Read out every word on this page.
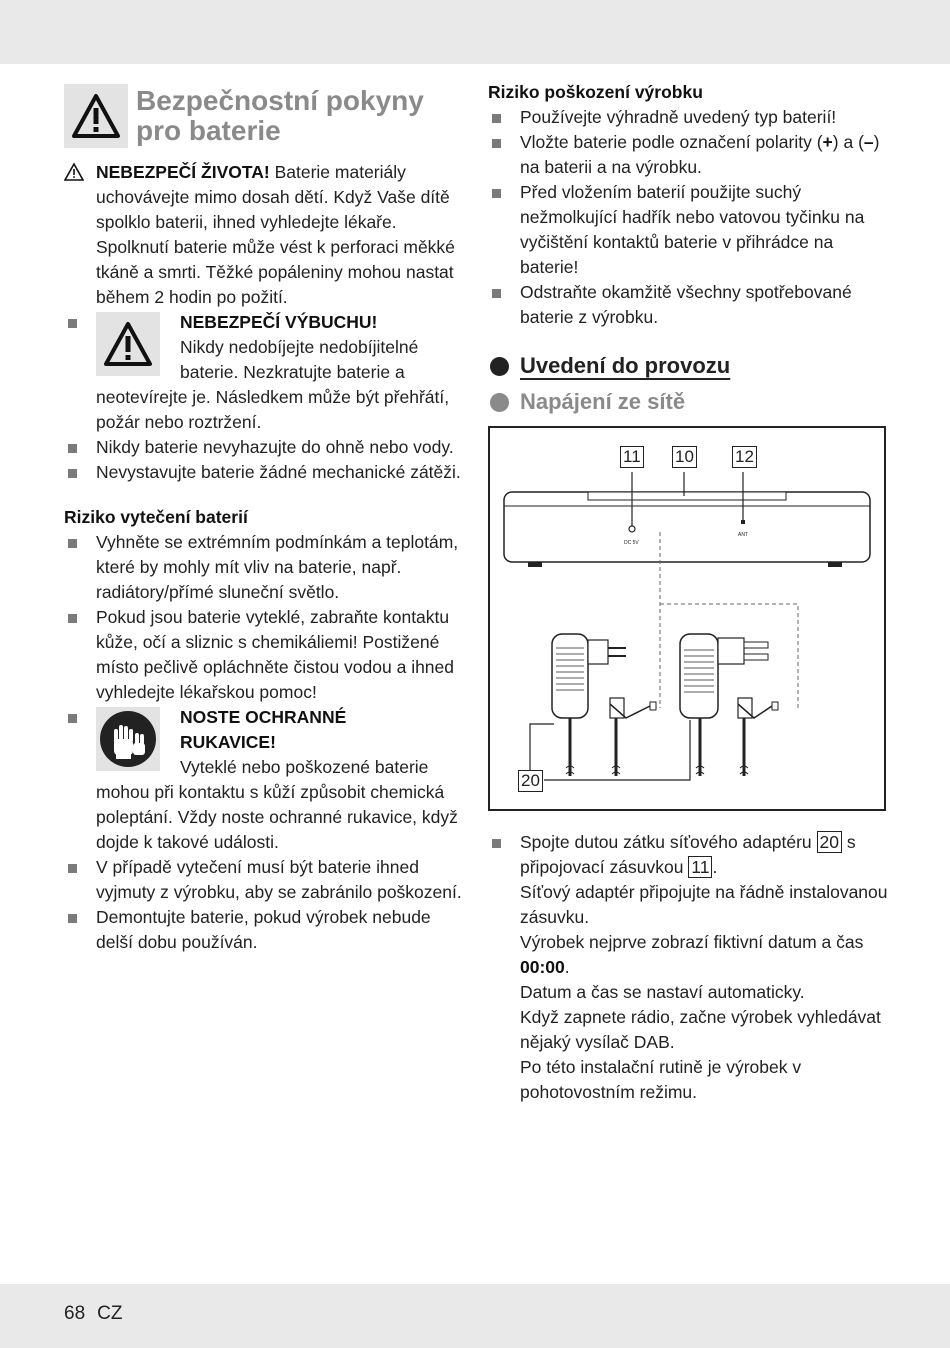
Bezpečnostní pokyny
pro baterie

NEBEZPEČÍ ŽIVOTA! Baterie materiály uchovávejte mimo dosah dětí. Když Vaše dítě spolklo baterii, ihned vyhledejte lékaře. Spolknutí baterie může vést k perforaci měkké tkáně a smrti. Těžké popáleniny mohou nastat během 2 hodin po požití.

NEBEZPEČÍ VÝBUCHU!
Nikdy nedobíjejte nedobíjitelné baterie. Nezkratujte baterie a
neotevírejte je. Následkem může být přehřátí, požár nebo roztržení.

Nikdy baterie nevyhazujte do ohně nebo vody.

Nevystavujte baterie žádné mechanické zátěži.

Riziko vytečení baterií

Vyhněte se extrémním podmínkám a teplotám, které by mohly mít vliv na baterie, např. radiátory/přímé sluneční světlo.

Pokud jsou baterie vyteklé, zabraňte kontaktu kůže, očí a sliznic s chemikáliemi! Postižené místo pečlivě opláchněte čistou vodou a ihned vyhledejte lékařskou pomoc!

NOSTE OCHRANNÉ
RUKAVICE!
Vyteklé nebo poškozené baterie
mohou při kontaktu s kůží způsobit chemická poleptání. Vždy noste ochranné rukavice, když dojde k takové události.

V případě vytečení musí být baterie ihned vyjmuty z výrobku, aby se zabránilo poškození.

Demontujte baterie, pokud výrobek nebude delší dobu používán.

Riziko poškození výrobku

Používejte výhradně uvedený typ baterií!

Vložte baterie podle označení polarity (+) a (–) na baterii a na výrobku.

Před vložením baterií použijte suchý nežmolkující hadřík nebo vatovou tyčinku na vyčištění kontaktů baterie v přihrádce na baterie!

Odstraňte okamžitě všechny spotřebované baterie z výrobku.

Uvedení do provozu
Napájení ze sítě
11 10 12
20
DC 5V
ANT

Spojte dutou zátku síťového adaptéru 20 s připojovací zásuvkou 11 .

Síťový adaptér připojujte na řádně instalovanou zásuvku.

Výrobek nejprve zobrazí fiktivní datum a čas
00:00.

Datum a čas se nastaví automaticky.

Když zapnete rádio, začne výrobek vyhledávat nějaký vysílač DAB.

Po této instalační rutině je výrobek v pohotovostním režimu.

68 CZ
